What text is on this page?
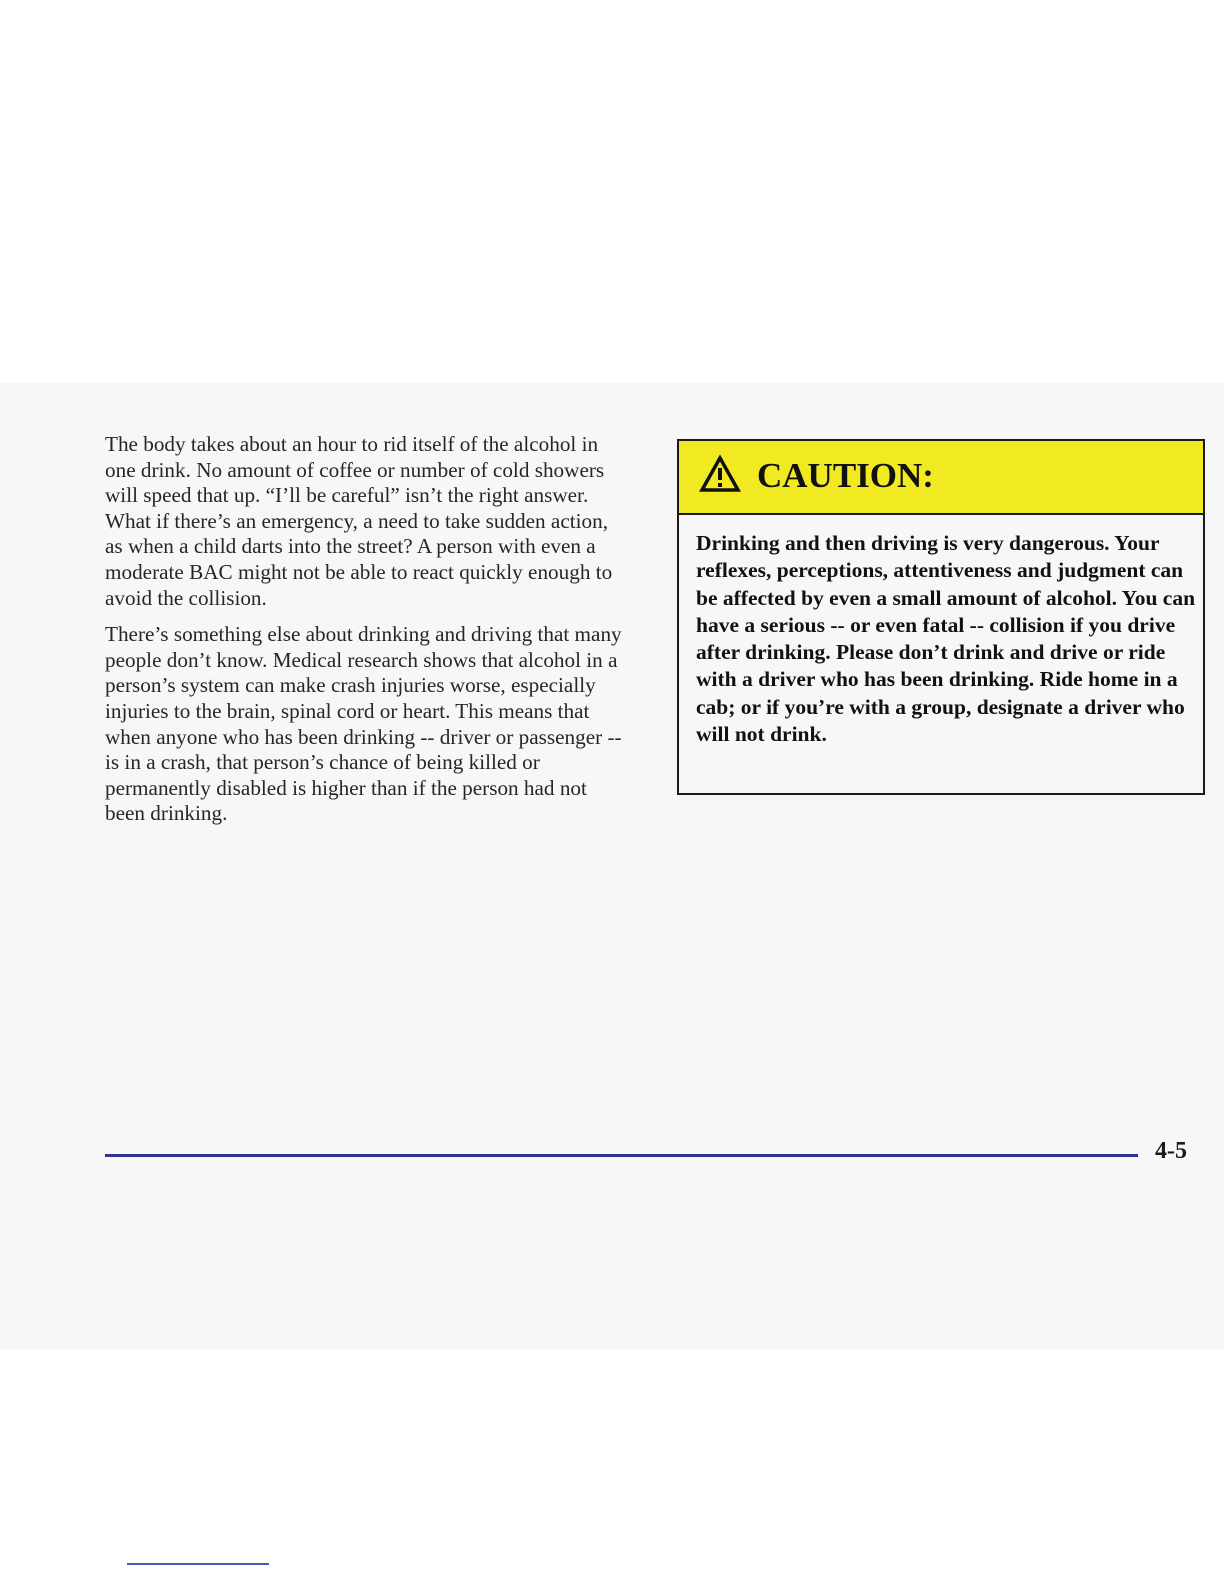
The body takes about an hour to rid itself of the alcohol in one drink. No amount of coffee or number of cold showers will speed that up. “I’ll be careful” isn’t the right answer. What if there’s an emergency, a need to take sudden action, as when a child darts into the street? A person with even a moderate BAC might not be able to react quickly enough to avoid the collision.

There’s something else about drinking and driving that many people don’t know. Medical research shows that alcohol in a person’s system can make crash injuries worse, especially injuries to the brain, spinal cord or heart. This means that when anyone who has been drinking -- driver or passenger -- is in a crash, that person’s chance of being killed or permanently disabled is higher than if the person had not been drinking.

CAUTION:

Drinking and then driving is very dangerous. Your reflexes, perceptions, attentiveness and judgment can be affected by even a small amount of alcohol. You can have a serious -- or even fatal -- collision if you drive after drinking. Please don’t drink and drive or ride with a driver who has been drinking. Ride home in a cab; or if you’re with a group, designate a driver who will not drink.

4-5
